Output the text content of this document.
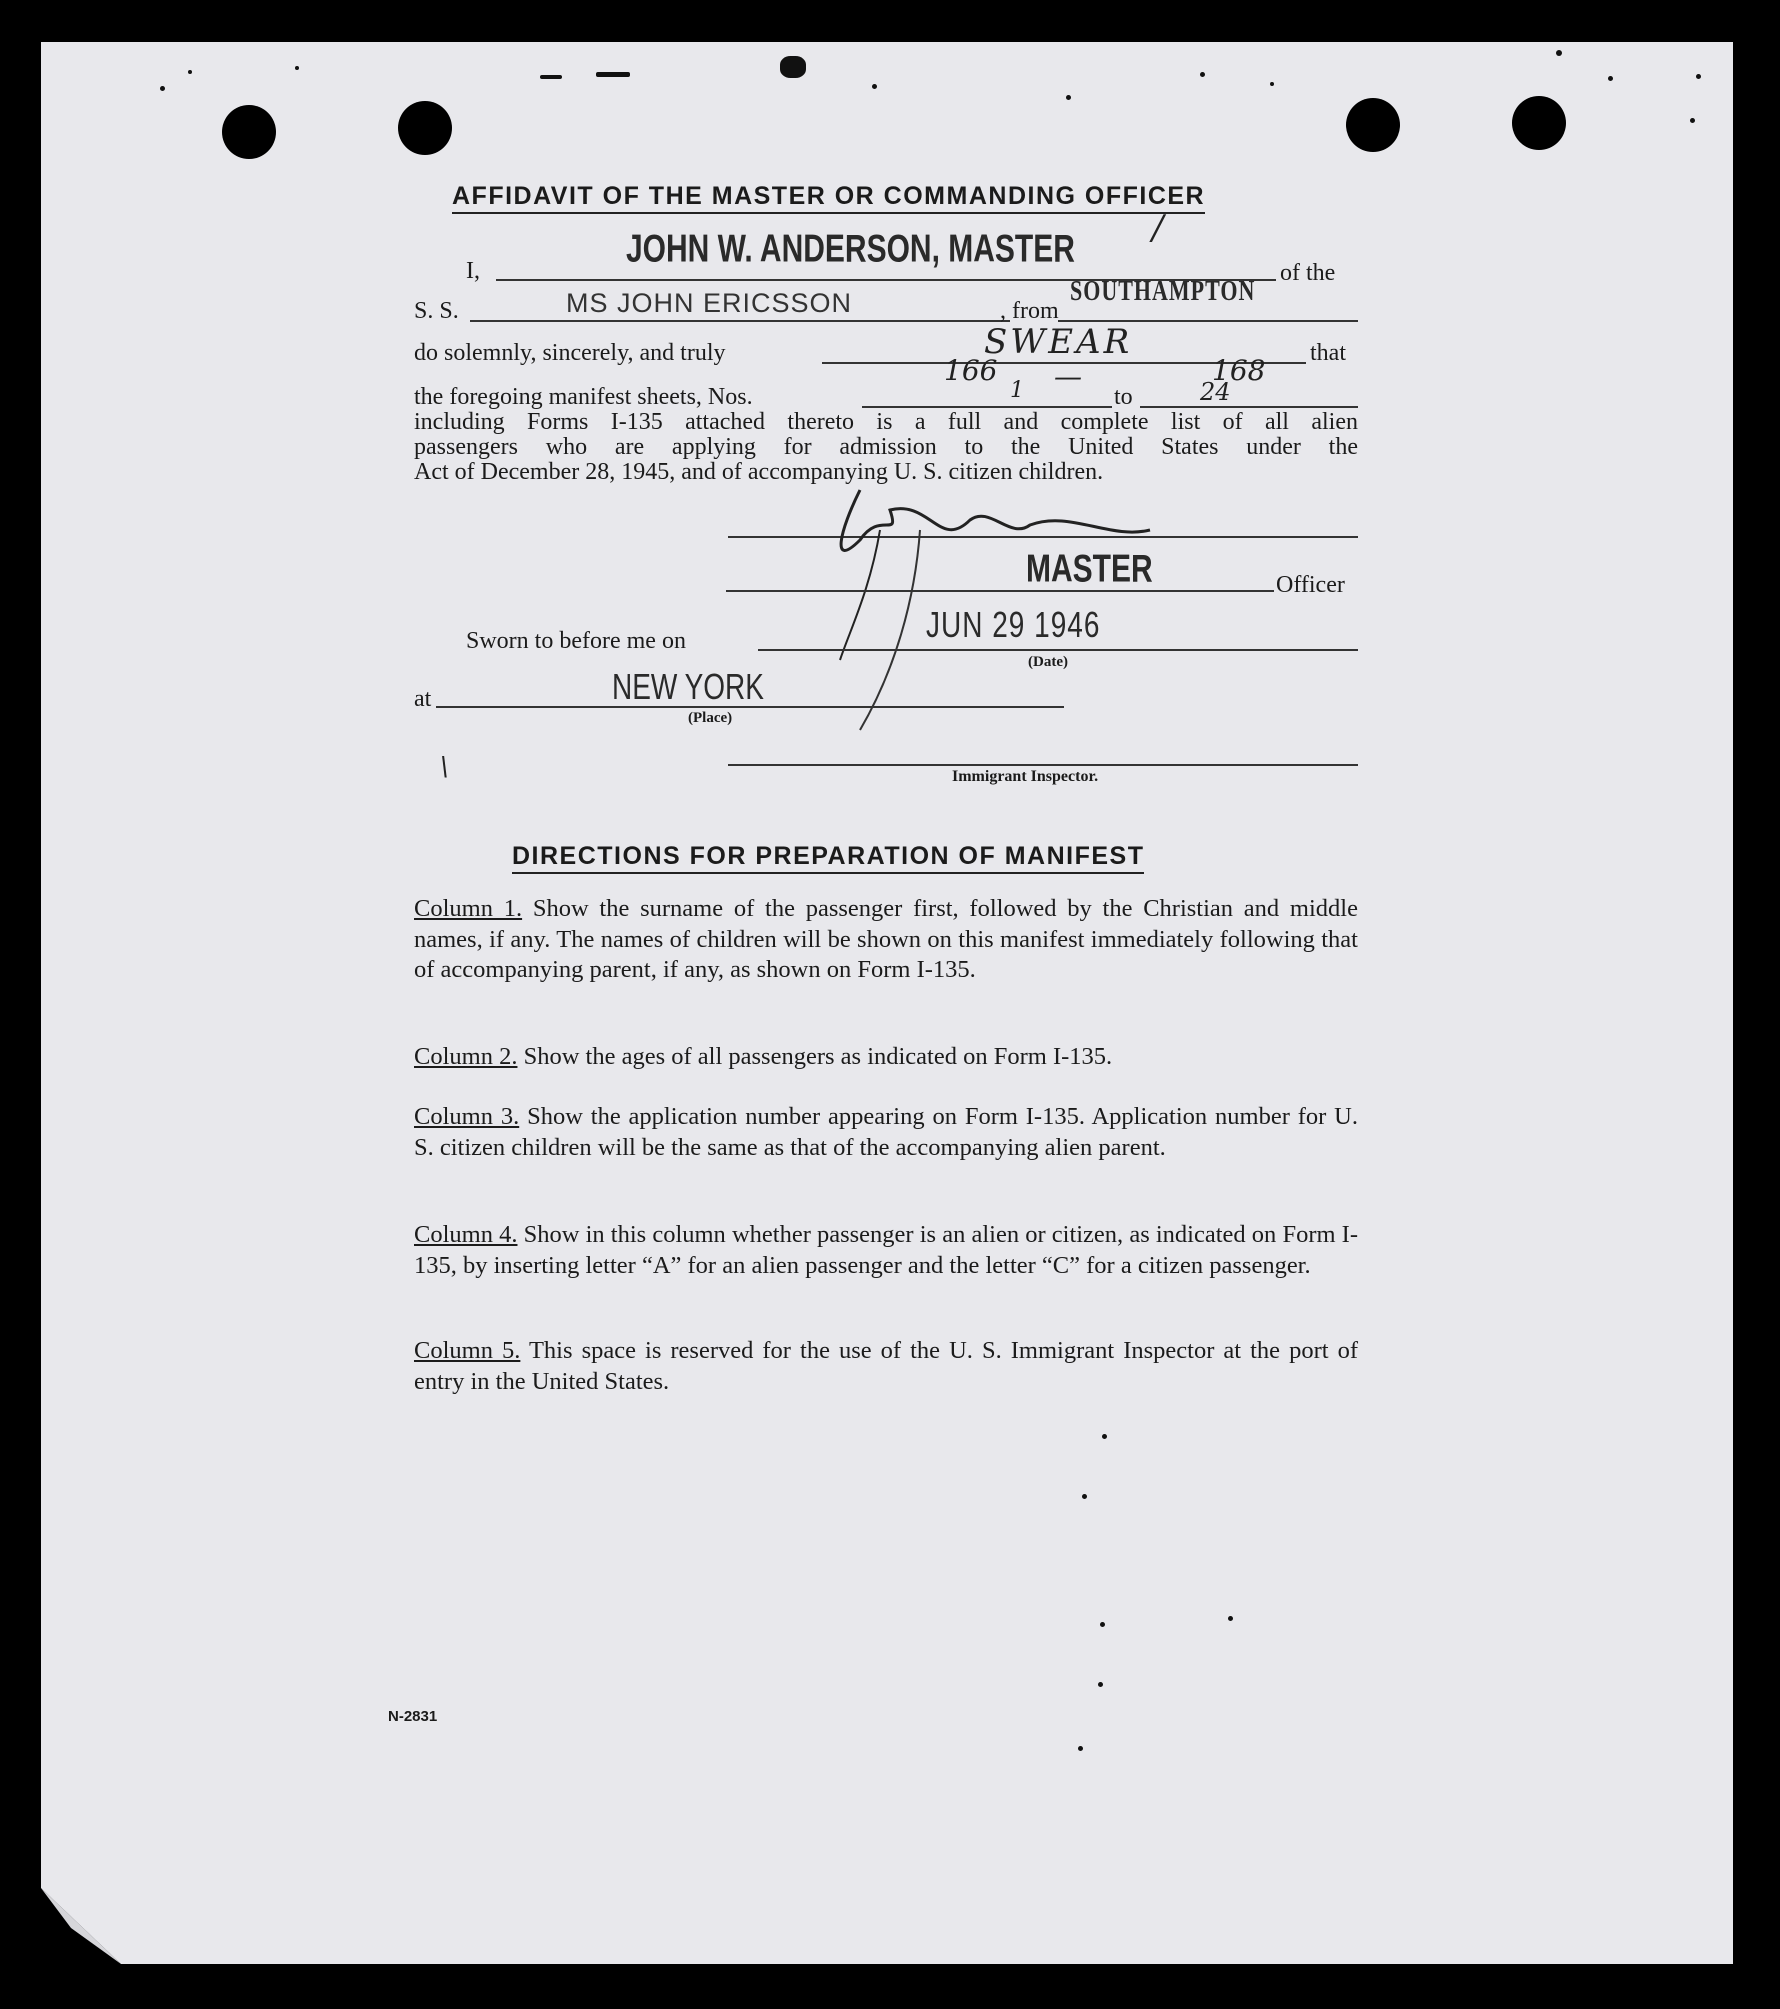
AFFIDAVIT OF THE MASTER OR COMMANDING OFFICER
I,
JOHN W. ANDERSON, MASTER /
of the
S. S.	MS JOHN ERICSSON	, from
SOUTHAMPTON
do solemnly, sincerely, and truly	SWEAR	that
the foregoing manifest sheets, Nos.
166
1 —
to
168
24
including Forms I-135 attached thereto is a full and complete list of all alien
passengers who are applying for admission to the United States under the
Act of December 28, 1945, and of accompanying U. S. citizen children.
MASTER	Officer
Sworn to before me on	JUN 29 1946
(Date)
at	NEW YORK
(Place)
\	Immigrant Inspector.
DIRECTIONS FOR PREPARATION OF MANIFEST
Column 1. Show the surname of the passenger first, followed by the Christian and middle names, if any. The names of children will be shown on this manifest immediately following that of accompanying parent, if any, as shown on Form I-135.
Column 2. Show the ages of all passengers as indicated on Form I-135.
Column 3. Show the application number appearing on Form I-135. Application number for U. S. citizen children will be the same as that of the accompanying alien parent.
Column 4. Show in this column whether passenger is an alien or citizen, as indicated on Form I-135, by inserting letter “A” for an alien passenger and the letter “C” for a citizen passenger.
Column 5. This space is reserved for the use of the U. S. Immigrant Inspector at the port of entry in the United States.
N-2831
